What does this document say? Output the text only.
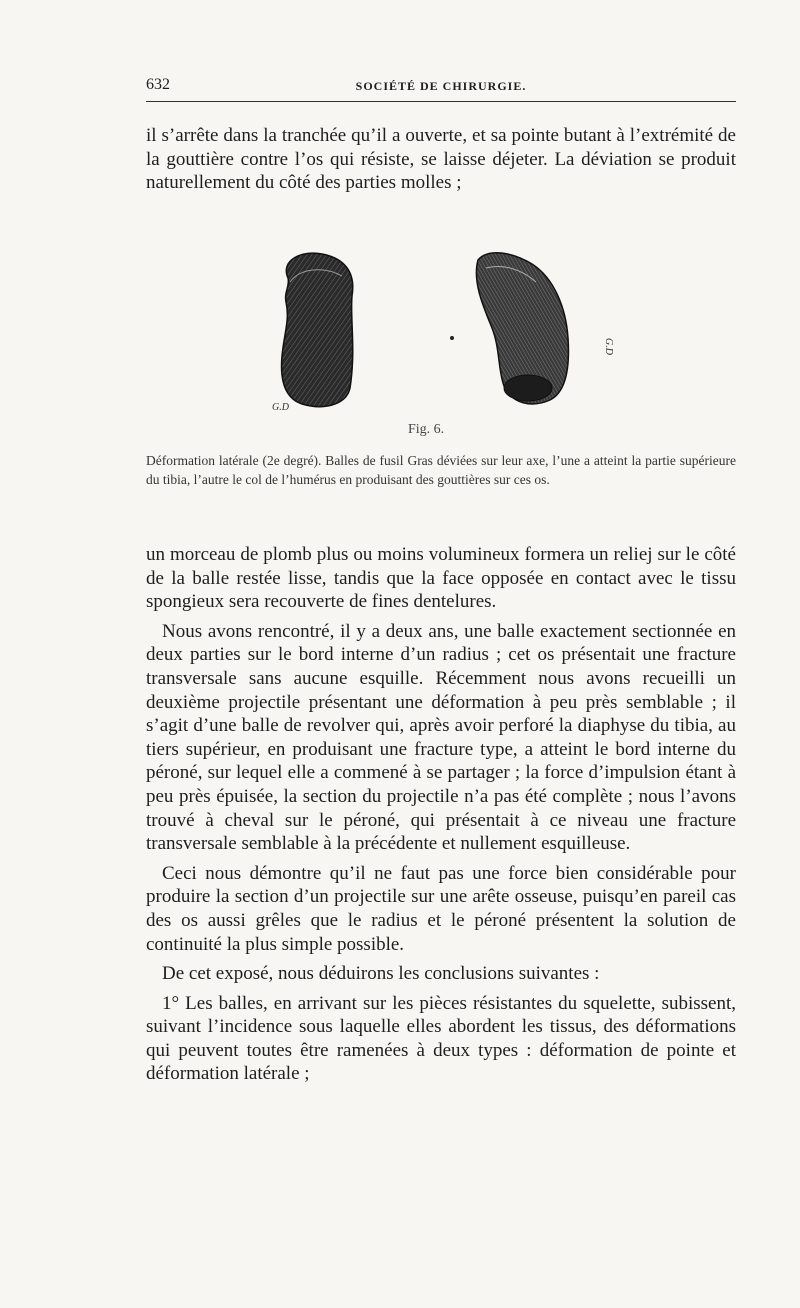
632	SOCIÉTÉ DE CHIRURGIE.

il s’arrête dans la tranchée qu’il a ouverte, et sa pointe butant à l’extrémité de la gouttière contre l’os qui résiste, se laisse déjeter. La déviation se produit naturellement du côté des parties molles ;

G.D
G.D
Fig. 6.

Déformation latérale (2e degré). Balles de fusil Gras déviées sur leur axe, l’une a atteint la partie supérieure du tibia, l’autre le col de l’humérus en produisant des gouttières sur ces os.

un morceau de plomb plus ou moins volumineux formera un reliej sur le côté de la balle restée lisse, tandis que la face opposée en contact avec le tissu spongieux sera recouverte de fines dentelures.

Nous avons rencontré, il y a deux ans, une balle exactement sectionnée en deux parties sur le bord interne d’un radius ; cet os présentait une fracture transversale sans aucune esquille. Récemment nous avons recueilli un deuxième projectile présentant une déformation à peu près semblable ; il s’agit d’une balle de revolver qui, après avoir perforé la diaphyse du tibia, au tiers supérieur, en produisant une fracture type, a atteint le bord interne du péroné, sur lequel elle a commené à se partager ; la force d’impulsion étant à peu près épuisée, la section du projectile n’a pas été complète ; nous l’avons trouvé à cheval sur le péroné, qui présentait à ce niveau une fracture transversale semblable à la précédente et nullement esquilleuse.

Ceci nous démontre qu’il ne faut pas une force bien considérable pour produire la section d’un projectile sur une arête osseuse, puisqu’en pareil cas des os aussi grêles que le radius et le péroné présentent la solution de continuité la plus simple possible.

De cet exposé, nous déduirons les conclusions suivantes :

1° Les balles, en arrivant sur les pièces résistantes du squelette, subissent, suivant l’incidence sous laquelle elles abordent les tissus, des déformations qui peuvent toutes être ramenées à deux types : déformation de pointe et déformation latérale ;
